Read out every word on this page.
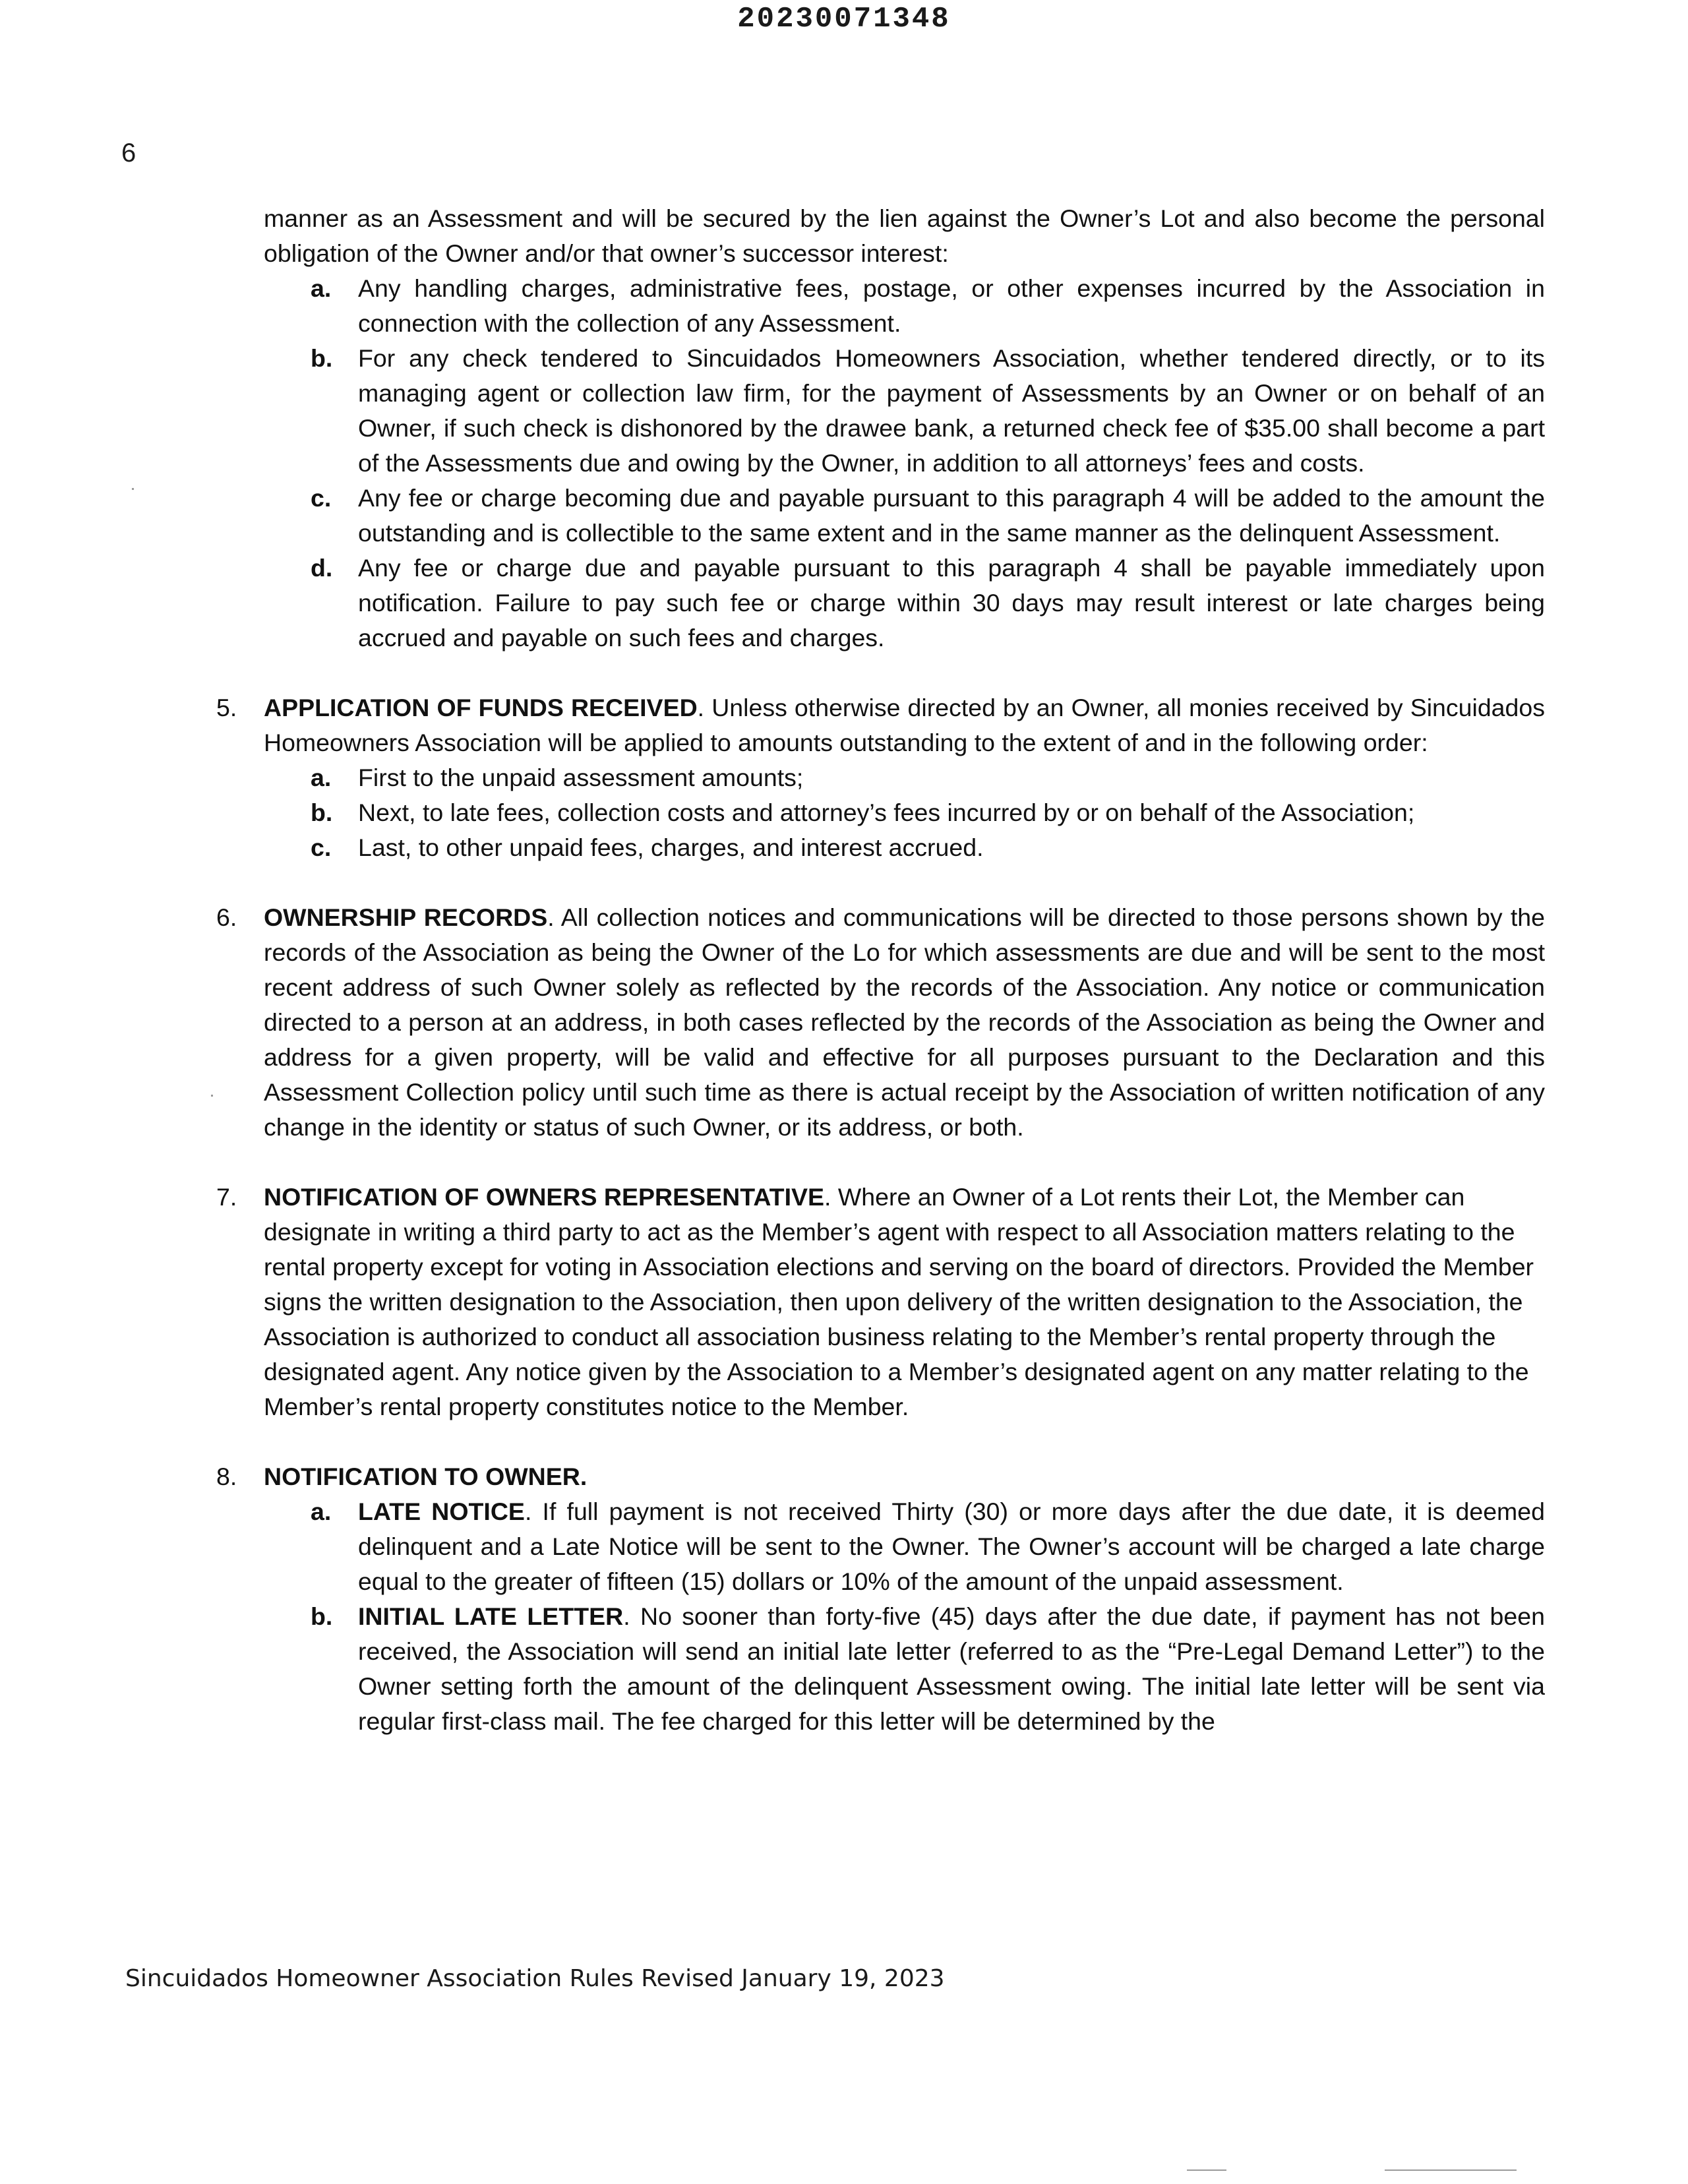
20230071348
6

manner as an Assessment and will be secured by the lien against the Owner’s Lot and also become the personal obligation of the Owner and/or that owner’s successor interest:

a. Any handling charges, administrative fees, postage, or other expenses incurred by the Association in connection with the collection of any Assessment.
b. For any check tendered to Sincuidados Homeowners Association, whether tendered directly, or to its managing agent or collection law firm, for the payment of Assessments by an Owner or on behalf of an Owner, if such check is dishonored by the drawee bank, a returned check fee of $35.00 shall become a part of the Assessments due and owing by the Owner, in addition to all attorneys’ fees and costs.
c. Any fee or charge becoming due and payable pursuant to this paragraph 4 will be added to the amount the outstanding and is collectible to the same extent and in the same manner as the delinquent Assessment.
d. Any fee or charge due and payable pursuant to this paragraph 4 shall be payable immediately upon notification. Failure to pay such fee or charge within 30 days may result interest or late charges being accrued and payable on such fees and charges.
5. APPLICATION OF FUNDS RECEIVED. Unless otherwise directed by an Owner, all monies received by Sincuidados Homeowners Association will be applied to amounts outstanding to the extent of and in the following order:

a. First to the unpaid assessment amounts;
b. Next, to late fees, collection costs and attorney’s fees incurred by or on behalf of the Association;
c. Last, to other unpaid fees, charges, and interest accrued.
6. OWNERSHIP RECORDS. All collection notices and communications will be directed to those persons shown by the records of the Association as being the Owner of the Lo for which assessments are due and will be sent to the most recent address of such Owner solely as reflected by the records of the Association. Any notice or communication directed to a person at an address, in both cases reflected by the records of the Association as being the Owner and address for a given property, will be valid and effective for all purposes pursuant to the Declaration and this Assessment Collection policy until such time as there is actual receipt by the Association of written notification of any change in the identity or status of such Owner, or its address, or both.

7. NOTIFICATION OF OWNERS REPRESENTATIVE. Where an Owner of a Lot rents their Lot, the Member can designate in writing a third party to act as the Member’s agent with respect to all Association matters relating to the rental property except for voting in Association elections and serving on the board of directors. Provided the Member signs the written designation to the Association, then upon delivery of the written designation to the Association, the Association is authorized to conduct all association business relating to the Member’s rental property through the designated agent. Any notice given by the Association to a Member’s designated agent on any matter relating to the Member’s rental property constitutes notice to the Member.

8. NOTIFICATION TO OWNER.

a. LATE NOTICE. If full payment is not received Thirty (30) or more days after the due date, it is deemed delinquent and a Late Notice will be sent to the Owner. The Owner’s account will be charged a late charge equal to the greater of fifteen (15) dollars or 10% of the amount of the unpaid assessment.
b. INITIAL LATE LETTER. No sooner than forty-five (45) days after the due date, if payment has not been received, the Association will send an initial late letter (referred to as the “Pre-Legal Demand Letter”) to the Owner setting forth the amount of the delinquent Assessment owing. The initial late letter will be sent via regular first-class mail. The fee charged for this letter will be determined by the
Sincuidados Homeowner Association Rules Revised January 19, 2023
